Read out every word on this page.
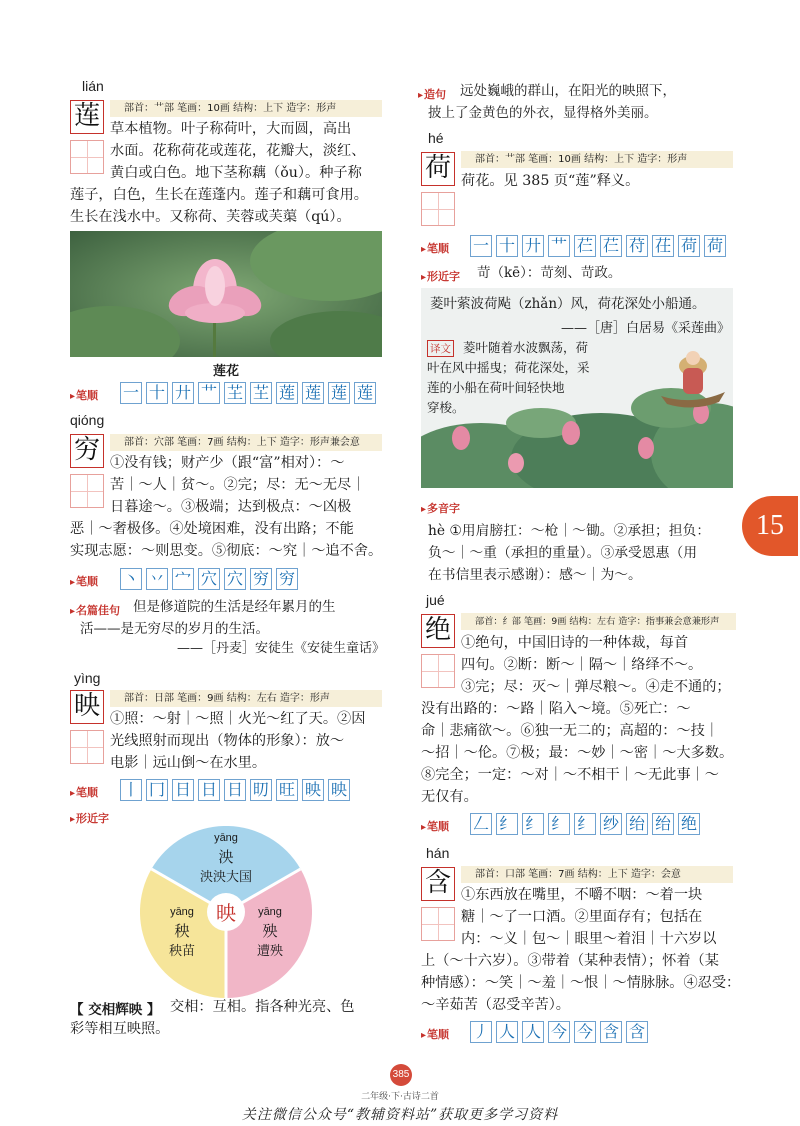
lián
莲	部首：艹部 笔画：10画 结构：上下 造字：形声
草本植物。叶子称荷叶，大而圆，高出
水面。花称荷花或莲花，花瓣大，淡红、
黄白或白色。地下茎称藕（ǒu）。种子称
莲子，白色，生长在莲蓬内。莲子和藕可食用。
生长在浅水中。又称荷、芙蓉或芙蕖（qú）。
莲花
▸ 笔顺 一 十 廾 艹 芏 芏 莲 莲 莲 莲
qióng
穷	部首：穴部 笔画：7画 结构：上下 造字：形声兼会意
①没有钱；财产少（跟“富”相对）：～
苦｜～人｜贫～。②完；尽：无～无尽｜
日暮途～。③极端；达到极点：～凶极
恶｜～奢极侈。④处境困难，没有出路；不能
实现志愿：～则思变。⑤彻底：～究｜～追不舍。
▸ 笔顺 丶 丷 宀 穴 穴 穷 穷
▸ 名篇佳句 但是修道院的生活是经年累月的生
活——是无穷尽的岁月的生活。
——［丹麦］安徒生《安徒生童话》
yìng
映	部首：日部 笔画：9画 结构：左右 造字：形声
①照：～射｜～照｜火光～红了天。②因
光线照射而现出（物体的形象）：放～
电影｜远山倒～在水里。
▸ 笔顺 丨 冂 日 日 日 旫 旺 映 映
▸ 形近字
映
yāng
泱
泱泱大国
yāng
秧
秧苗
yāng
殃
遭殃
【 交相辉映 】 交相：互相。指各种光亮、色
彩等相互映照。
▸ 造句 远处巍峨的群山，在阳光的映照下，
披上了金黄色的外衣，显得格外美丽。
hé
荷	部首：艹部 笔画：10画 结构：上下 造字：形声
荷花。见 385 页“莲”释义。
▸ 笔顺 一 十 廾 艹 芢 芢 苻 茌 荷 荷
▸ 形近字 苛（kē）：苛刻、苛政。
菱叶萦波荷飐（zhǎn）风，荷花深处小船通。
——［唐］白居易《采莲曲》
译文 菱叶随着水波飘荡，荷
叶在风中摇曳；荷花深处，采
莲的小船在荷叶间轻快地
穿梭。
▸ 多音字
hè ①用肩膀扛：～枪｜～锄。②承担；担负：
负～｜～重（承担的重量）。③承受恩惠（用
在书信里表示感谢）：感～｜为～。
jué
绝	部首：纟部 笔画：9画 结构：左右 造字：指事兼会意兼形声
①绝句，中国旧诗的一种体裁，每首
四句。②断：断～｜隔～｜络绎不～。
③完；尽：灭～｜弹尽粮～。④走不通的；
没有出路的：～路｜陷入～境。⑤死亡：～
命｜悲痛欲～。⑥独一无二的；高超的：～技｜
～招｜～伦。⑦极；最：～妙｜～密｜～大多数。
⑧完全；一定：～对｜～不相干｜～无此事｜～
无仅有。
▸ 笔顺 𠃋 纟 纟 纟 纟 纱 绐 绐 绝
hán
含	部首：口部 笔画：7画 结构：上下 造字：会意
①东西放在嘴里，不嚼不咽：～着一块
糖｜～了一口酒。②里面存有；包括在
内：～义｜包～｜眼里～着泪｜十六岁以
上（～十六岁）。③带着（某种表情）；怀着（某
种情感）：～笑｜～羞｜～恨｜～情脉脉。④忍受：
～辛茹苦（忍受辛苦）。
▸ 笔顺 丿 人 人 今 今 含 含
15
385
二年级·下·古诗二首
关注微信公众号“教辅资料站”获取更多学习资料
